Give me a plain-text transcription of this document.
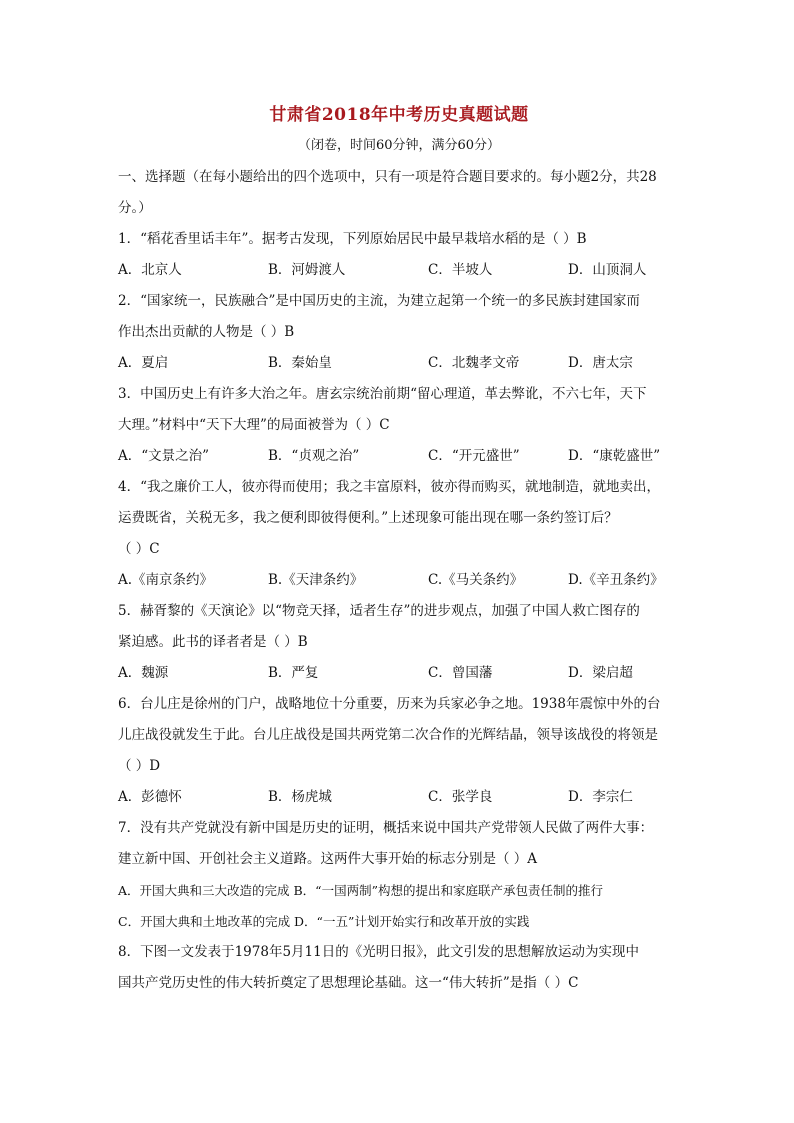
甘肃省2018年中考历史真题试题
（闭卷，时间60分钟，满分60分）
一、选择题（在每小题给出的四个选项中，只有一项是符合题目要求的。每小题2分，共28
分。）
1．“稻花香里话丰年”。据考古发现，下列原始居民中最早栽培水稻的是（ ）B
A．北京人	B．河姆渡人	C．半坡人	D．山顶洞人
2．“国家统一，民族融合”是中国历史的主流，为建立起第一个统一的多民族封建国家而
作出杰出贡献的人物是（ ）B
A．夏启	B．秦始皇	C．北魏孝文帝	D．唐太宗
3．中国历史上有许多大治之年。唐玄宗统治前期“留心理道，革去弊讹，不六七年，天下
大理。”材料中“天下大理”的局面被誉为（ ）C
A．“文景之治”	B．“贞观之治”	C．“开元盛世”	D．“康乾盛世”
4．“我之廉价工人，彼亦得而使用；我之丰富原料，彼亦得而购买，就地制造，就地卖出，
运费既省，关税无多，我之便利即彼得便利。”上述现象可能出现在哪一条约签订后？
（ ）C
A.《南京条约》	B.《天津条约》	C.《马关条约》	D.《辛丑条约》
5．赫胥黎的《天演论》以“物竞天择，适者生存”的进步观点，加强了中国人救亡图存的
紧迫感。此书的译者者是（ ）B
A．魏源	B．严复	C．曾国藩	D．梁启超
6．台儿庄是徐州的门户，战略地位十分重要，历来为兵家必争之地。1938年震惊中外的台
儿庄战役就发生于此。台儿庄战役是国共两党第二次合作的光辉结晶，领导该战役的将领是
（ ）D
A．彭德怀	B．杨虎城	C．张学良	D．李宗仁
7．没有共产党就没有新中国是历史的证明，概括来说中国共产党带领人民做了两件大事：
建立新中国、开创社会主义道路。这两件大事开始的标志分别是（ ）A
A．开国大典和三大改造的完成 B．“一国两制”构想的提出和家庭联产承包责任制的推行
C．开国大典和土地改革的完成 D．“一五”计划开始实行和改革开放的实践
8．下图一文发表于1978年5月11日的《光明日报》，此文引发的思想解放运动为实现中
国共产党历史性的伟大转折奠定了思想理论基础。这一“伟大转折”是指（ ）C
